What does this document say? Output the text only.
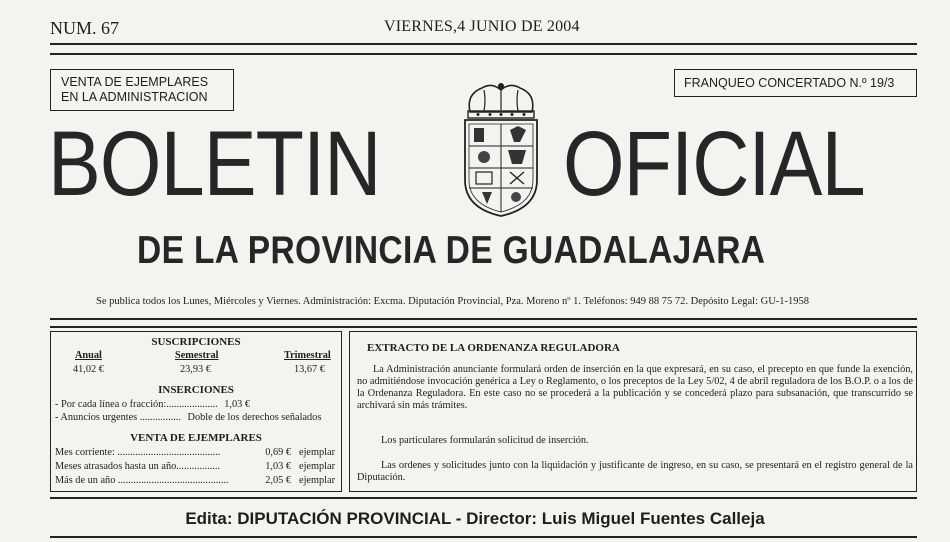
NUM. 67	VIERNES,4 JUNIO DE 2004
VENTA DE EJEMPLARES
EN LA ADMINISTRACION
FRANQUEO CONCERTADO N.º 19/3
BOLETIN OFICIAL
DE LA PROVINCIA DE GUADALAJARA
Se publica todos los Lunes, Miércoles y Viernes. Administración: Excma. Diputación Provincial, Pza. Moreno nº 1. Teléfonos: 949 88 75 72. Depósito Legal: GU-1-1958
SUSCRIPCIONES
Anual	Semestral	Trimestral
41,02 €	23,93 €	13,67 €
INSERCIONES
- Por cada línea o fracción:.................... 1,03 €
- Anuncios urgentes ................ Doble de los derechos señalados
VENTA DE EJEMPLARES
Mes corriente: ........................................	0,69 € ejemplar
Meses atrasados hasta un año.................	1,03 € ejemplar
Más de un año ...........................................	2,05 € ejemplar
EXTRACTO DE LA ORDENANZA REGULADORA
La Administración anunciante formulará orden de inserción en la que expresará, en su caso, el precepto en que funde la exención, no admitiéndose invocación genérica a Ley o Reglamento, o los preceptos de la Ley 5/02, 4 de abril reguladora de los B.O.P. o a los de la Ordenanza Reguladora. En este caso no se procederá a la publicación y se concederá plazo para subsanación, que transcurrido se archivará sin más trámites.
Los particulares formularán solicitud de inserción.
Las ordenes y solicitudes junto con la liquidación y justificante de ingreso, en su caso, se presentará en el registro general de la Diputación.
Edita: DIPUTACIÓN PROVINCIAL - Director: Luis Miguel Fuentes Calleja
